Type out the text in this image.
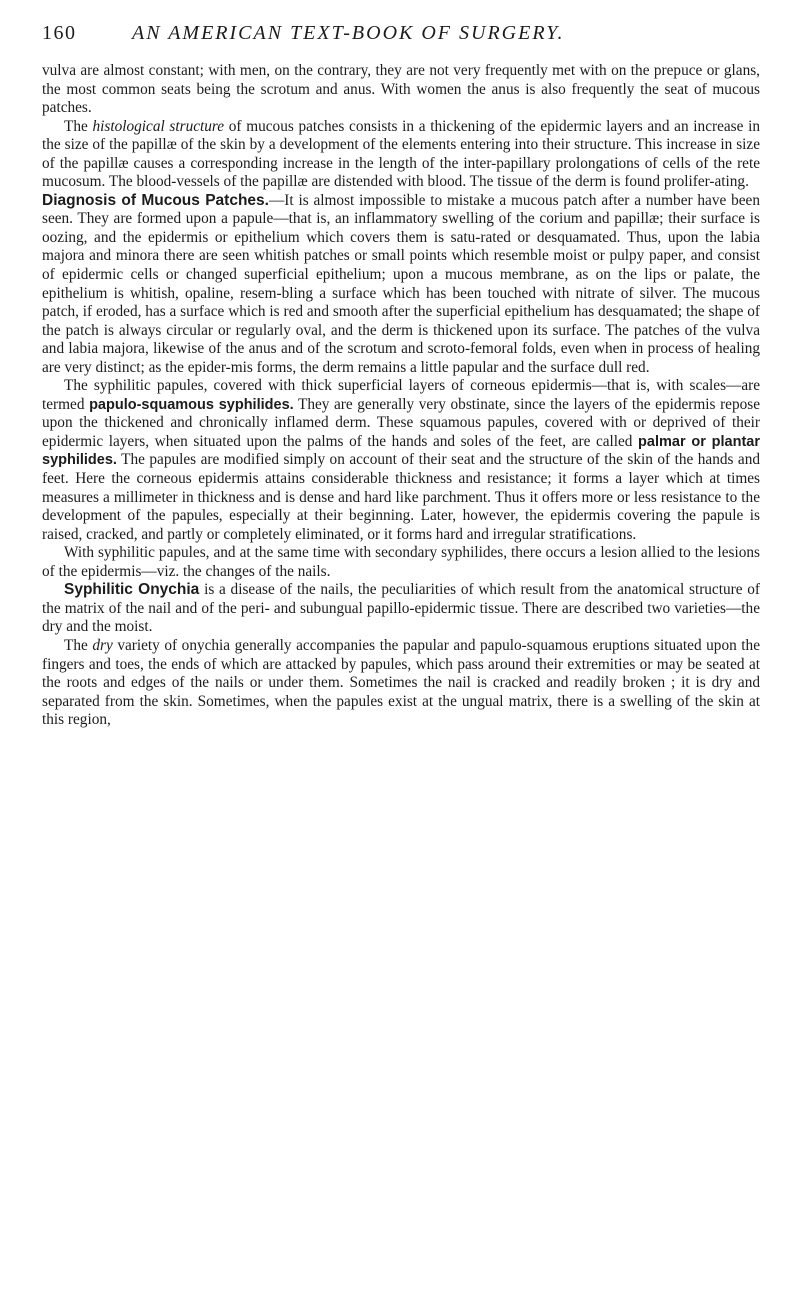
160	AN AMERICAN TEXT-BOOK OF SURGERY.

vulva are almost constant; with men, on the contrary, they are not very frequently met with on the prepuce or glans, the most common seats being the scrotum and anus. With women the anus is also frequently the seat of mucous patches.

The histological structure of mucous patches consists in a thickening of the epidermic layers and an increase in the size of the papillæ of the skin by a development of the elements entering into their structure. This increase in size of the papillæ causes a corresponding increase in the length of the inter-papillary prolongations of cells of the rete mucosum. The blood-vessels of the papillæ are distended with blood. The tissue of the derm is found prolifer-ating.

Diagnosis of Mucous Patches.—It is almost impossible to mistake a mucous patch after a number have been seen. They are formed upon a papule—that is, an inflammatory swelling of the corium and papillæ; their surface is oozing, and the epidermis or epithelium which covers them is satu-rated or desquamated. Thus, upon the labia majora and minora there are seen whitish patches or small points which resemble moist or pulpy paper, and consist of epidermic cells or changed superficial epithelium; upon a mucous membrane, as on the lips or palate, the epithelium is whitish, opaline, resem-bling a surface which has been touched with nitrate of silver. The mucous patch, if eroded, has a surface which is red and smooth after the superficial epithelium has desquamated; the shape of the patch is always circular or regularly oval, and the derm is thickened upon its surface. The patches of the vulva and labia majora, likewise of the anus and of the scrotum and scroto-femoral folds, even when in process of healing are very distinct; as the epider-mis forms, the derm remains a little papular and the surface dull red.

The syphilitic papules, covered with thick superficial layers of corneous epidermis—that is, with scales—are termed papulo-squamous syphilides. They are generally very obstinate, since the layers of the epidermis repose upon the thickened and chronically inflamed derm. These squamous papules, covered with or deprived of their epidermic layers, when situated upon the palms of the hands and soles of the feet, are called palmar or plantar syphilides. The papules are modified simply on account of their seat and the structure of the skin of the hands and feet. Here the corneous epidermis attains considerable thickness and resistance; it forms a layer which at times measures a millimeter in thickness and is dense and hard like parchment. Thus it offers more or less resistance to the development of the papules, especially at their beginning. Later, however, the epidermis covering the papule is raised, cracked, and partly or completely eliminated, or it forms hard and irregular stratifications.

With syphilitic papules, and at the same time with secondary syphilides, there occurs a lesion allied to the lesions of the epidermis—viz. the changes of the nails.

Syphilitic Onychia is a disease of the nails, the peculiarities of which result from the anatomical structure of the matrix of the nail and of the peri- and subungual papillo-epidermic tissue. There are described two varieties—the dry and the moist.

The dry variety of onychia generally accompanies the papular and papulo-squamous eruptions situated upon the fingers and toes, the ends of which are attacked by papules, which pass around their extremities or may be seated at the roots and edges of the nails or under them. Sometimes the nail is cracked and readily broken ; it is dry and separated from the skin. Sometimes, when the papules exist at the ungual matrix, there is a swelling of the skin at this region,
